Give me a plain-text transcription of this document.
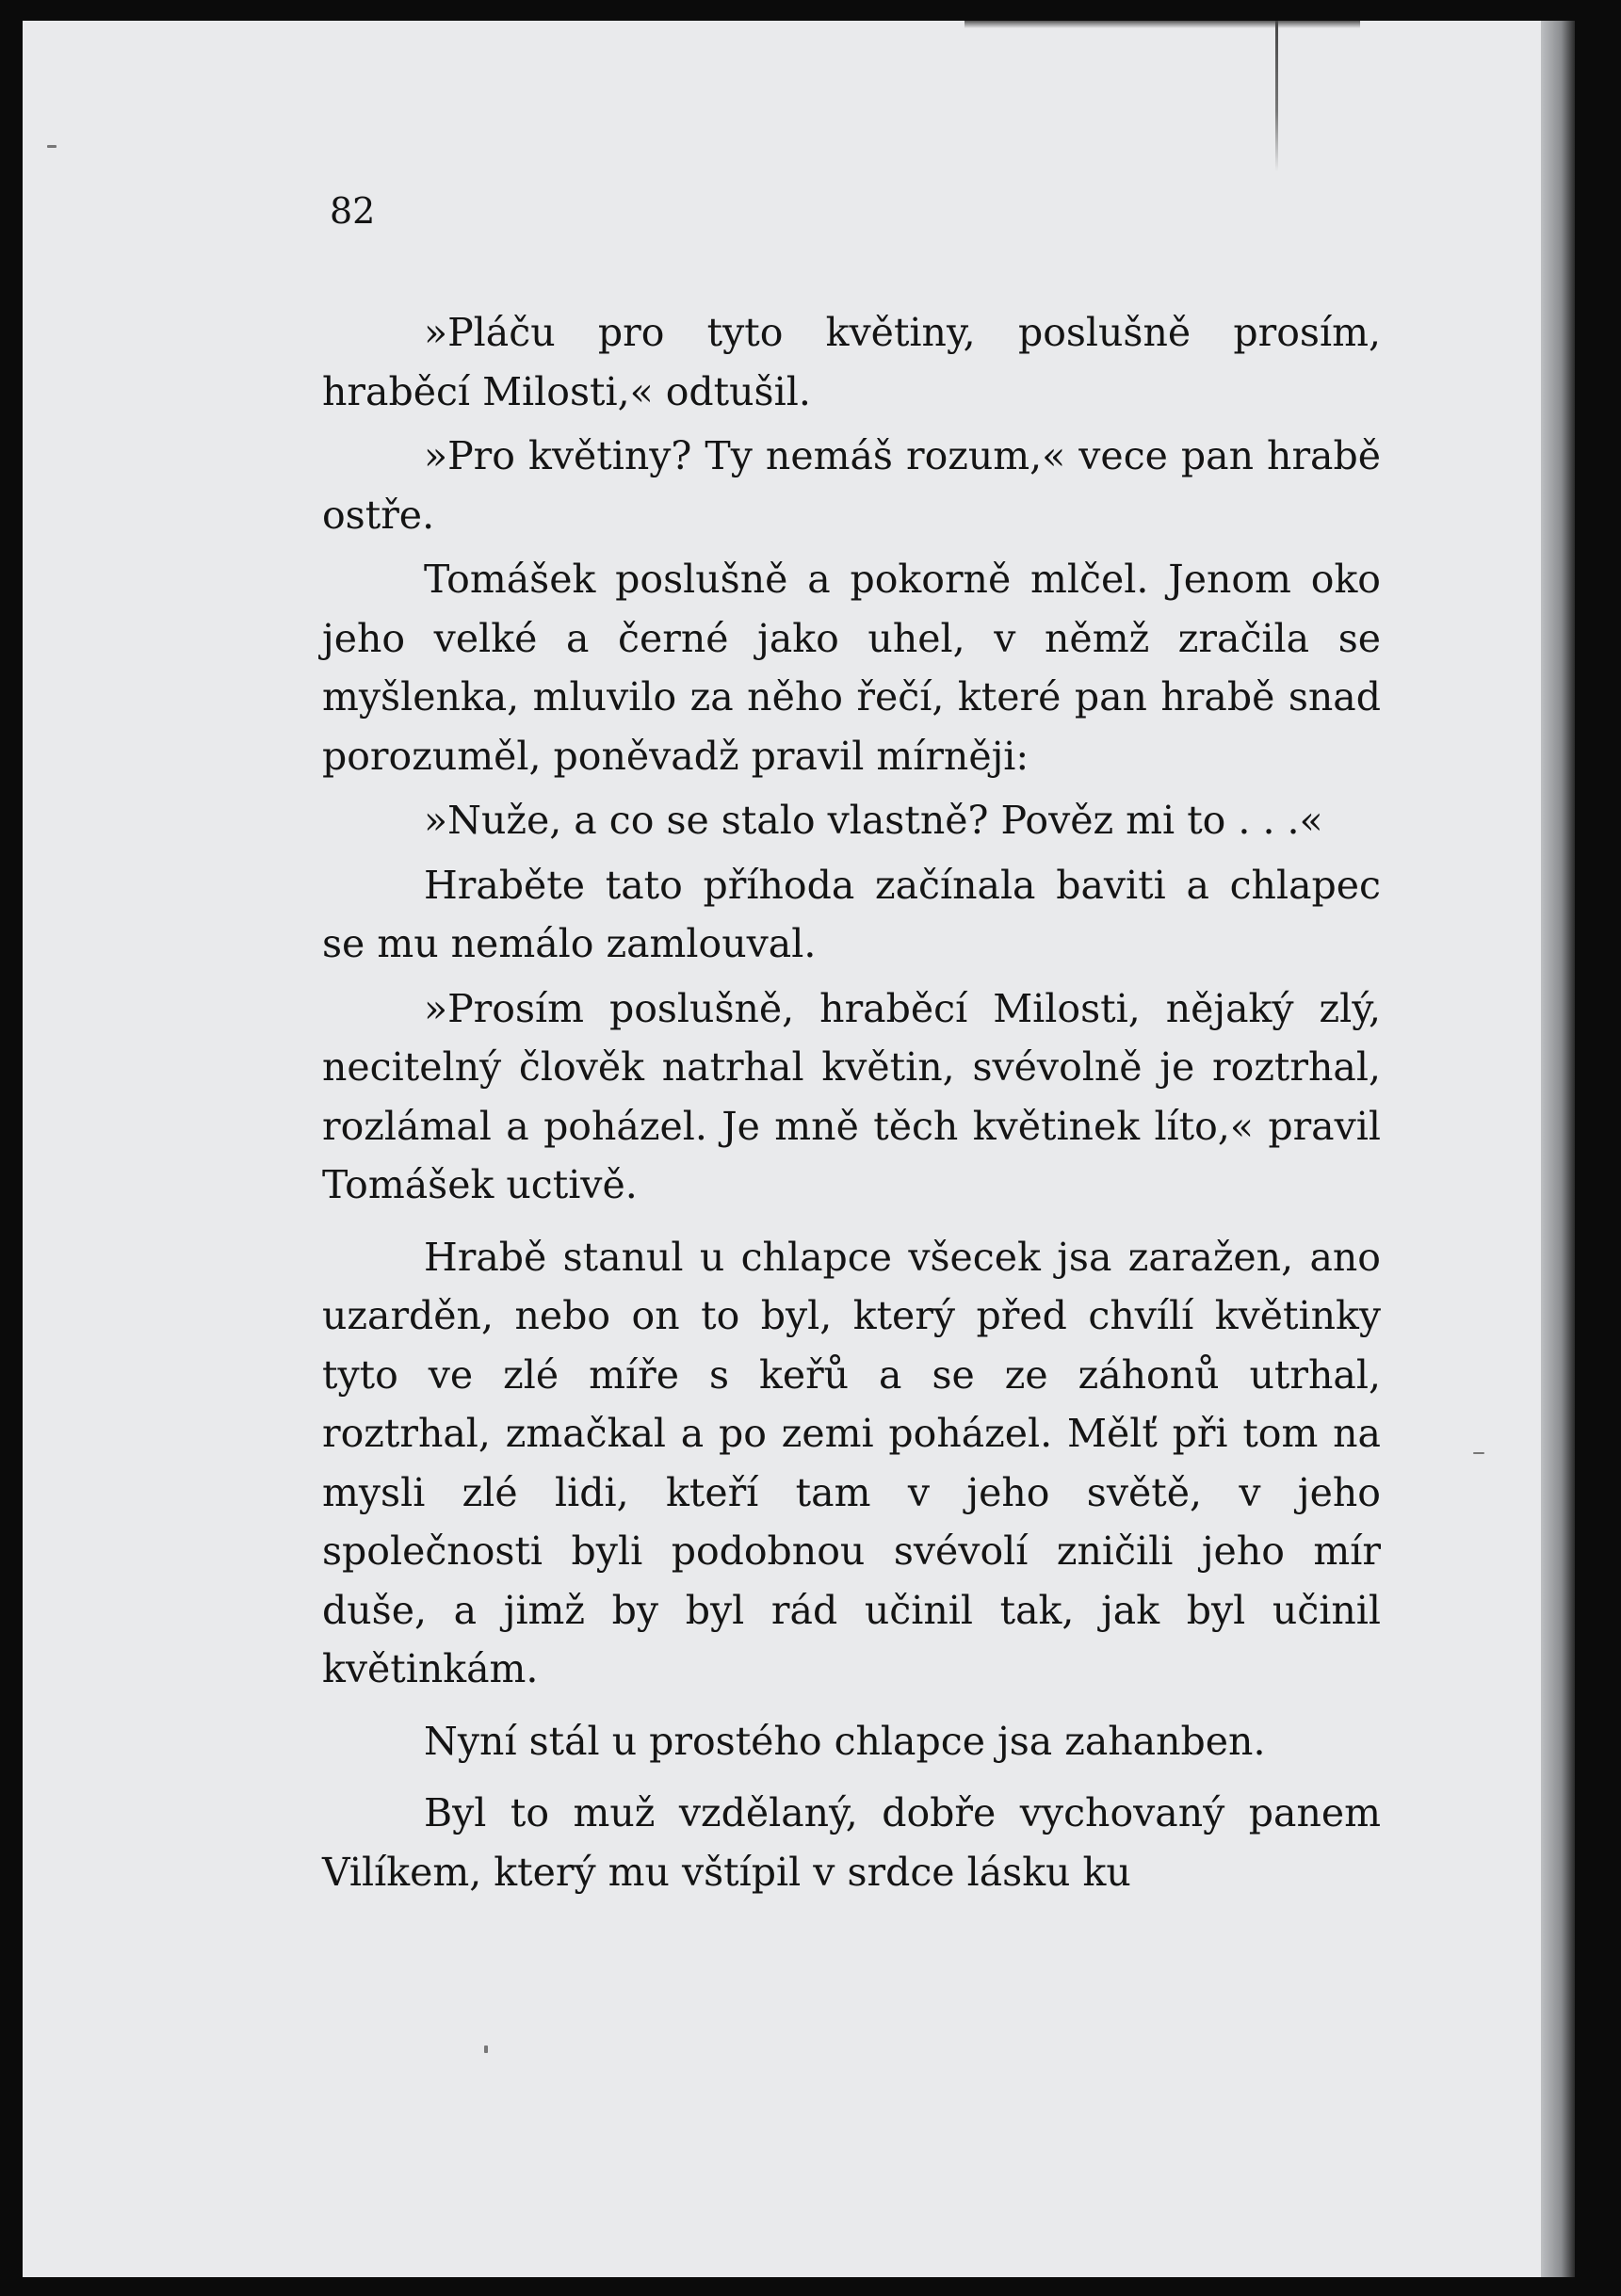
82

»Pláču pro tyto květiny, poslušně prosím, hraběcí Milosti,« odtušil.

»Pro květiny? Ty nemáš rozum,« vece pan hrabě ostře.

Tomášek poslušně a pokorně mlčel. Jenom oko jeho velké a černé jako uhel, v němž zračila se myšlenka, mluvilo za něho řečí, které pan hrabě snad porozuměl, poněvadž pravil mírněji:

»Nuže, a co se stalo vlastně? Pověz mi to . . .«

Hraběte tato příhoda začínala baviti a chlapec se mu nemálo zamlouval.

»Prosím poslušně, hraběcí Milosti, nějaký zlý, necitelný člověk natrhal květin, svévolně je roztrhal, rozlámal a poházel. Je mně těch květinek líto,« pravil Tomášek uctivě.

Hrabě stanul u chlapce všecek jsa zaražen, ano uzarděn, nebo on to byl, který před chvílí květinky tyto ve zlé míře s keřů a se ze záhonů utrhal, roztrhal, zmačkal a po zemi poházel. Mělť při tom na mysli zlé lidi, kteří tam v jeho světě, v jeho společnosti byli podobnou svévolí zničili jeho mír duše, a jimž by byl rád učinil tak, jak byl učinil květinkám.

Nyní stál u prostého chlapce jsa zahanben.

Byl to muž vzdělaný, dobře vychovaný panem Vilíkem, který mu vštípil v srdce lásku ku
